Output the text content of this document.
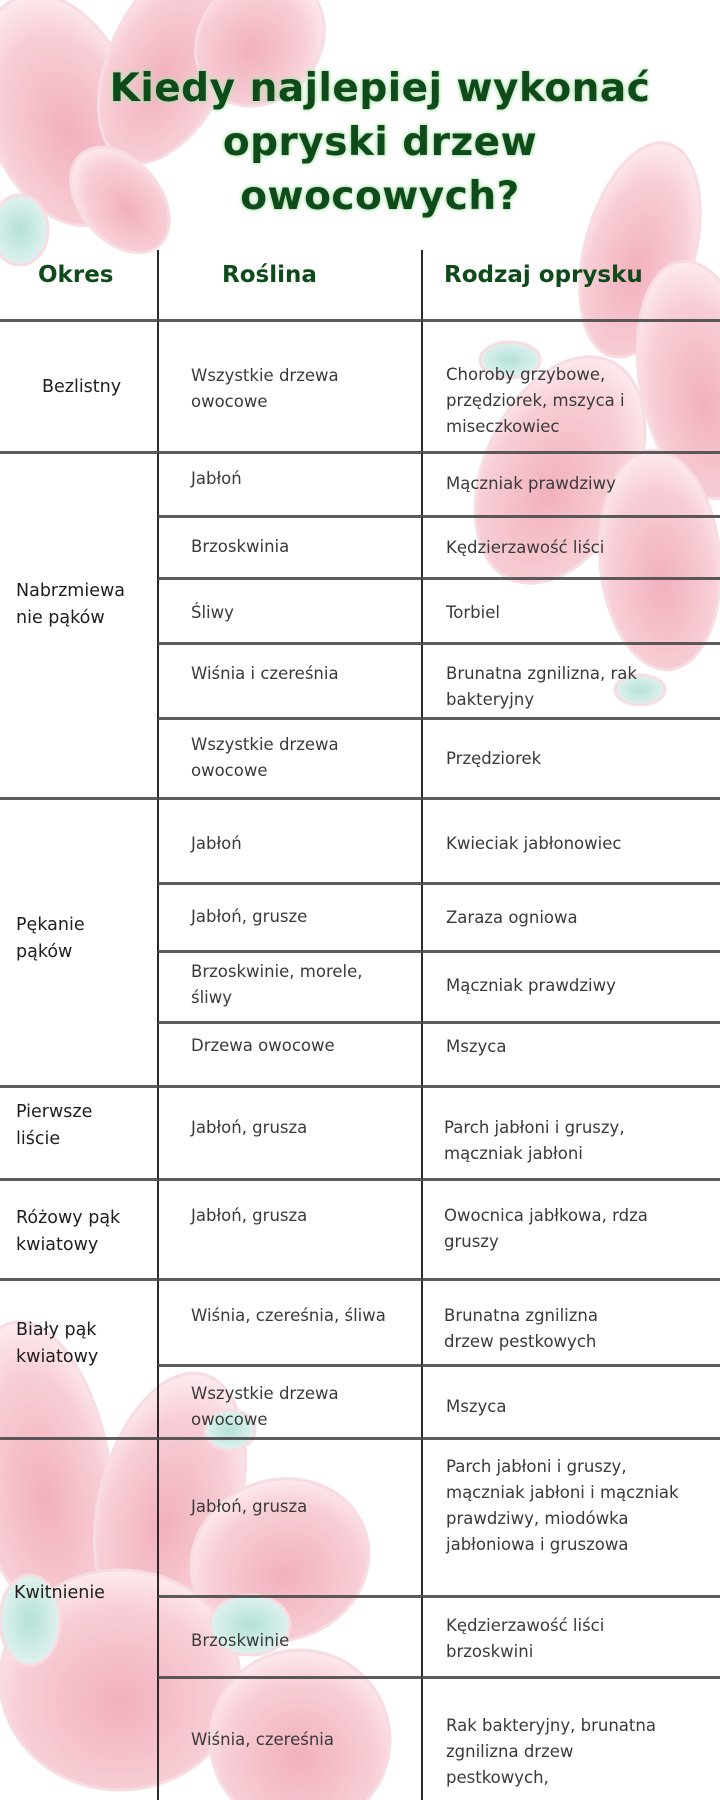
Kiedy najlepiej wykonać
opryski drzew
owocowych?
Okres	Roślina	Rodzaj oprysku
Bezlistny
Nabrzmiewa nie pąków
Pękanie pąków
Pierwsze liście
Różowy pąk kwiatowy
Biały pąk kwiatowy
Kwitnienie
Wszystkie drzewa owocowe
Jabłoń
Brzoskwinia
Śliwy
Wiśnia i czereśnia
Wszystkie drzewa owocowe
Jabłoń
Jabłoń, grusze
Brzoskwinie, morele, śliwy
Drzewa owocowe
Jabłoń, grusza
Jabłoń, grusza
Wiśnia, czereśnia, śliwa
Wszystkie drzewa owocowe
Jabłoń, grusza
Brzoskwinie
Wiśnia, czereśnia
Choroby grzybowe, przędziorek, mszyca i miseczkowiec
Mączniak prawdziwy
Kędzierzawość liści
Torbiel
Brunatna zgnilizna, rak bakteryjny
Przędziorek
Kwieciak jabłonowiec
Zaraza ogniowa
Mączniak prawdziwy
Mszyca
Parch jabłoni i gruszy, mączniak jabłoni
Owocnica jabłkowa, rdza gruszy
Brunatna zgnilizna drzew pestkowych
Mszyca
Parch jabłoni i gruszy, mączniak jabłoni i mączniak prawdziwy, miodówka jabłoniowa i gruszowa
Kędzierzawość liści brzoskwini
Rak bakteryjny, brunatna zgnilizna drzew pestkowych,
